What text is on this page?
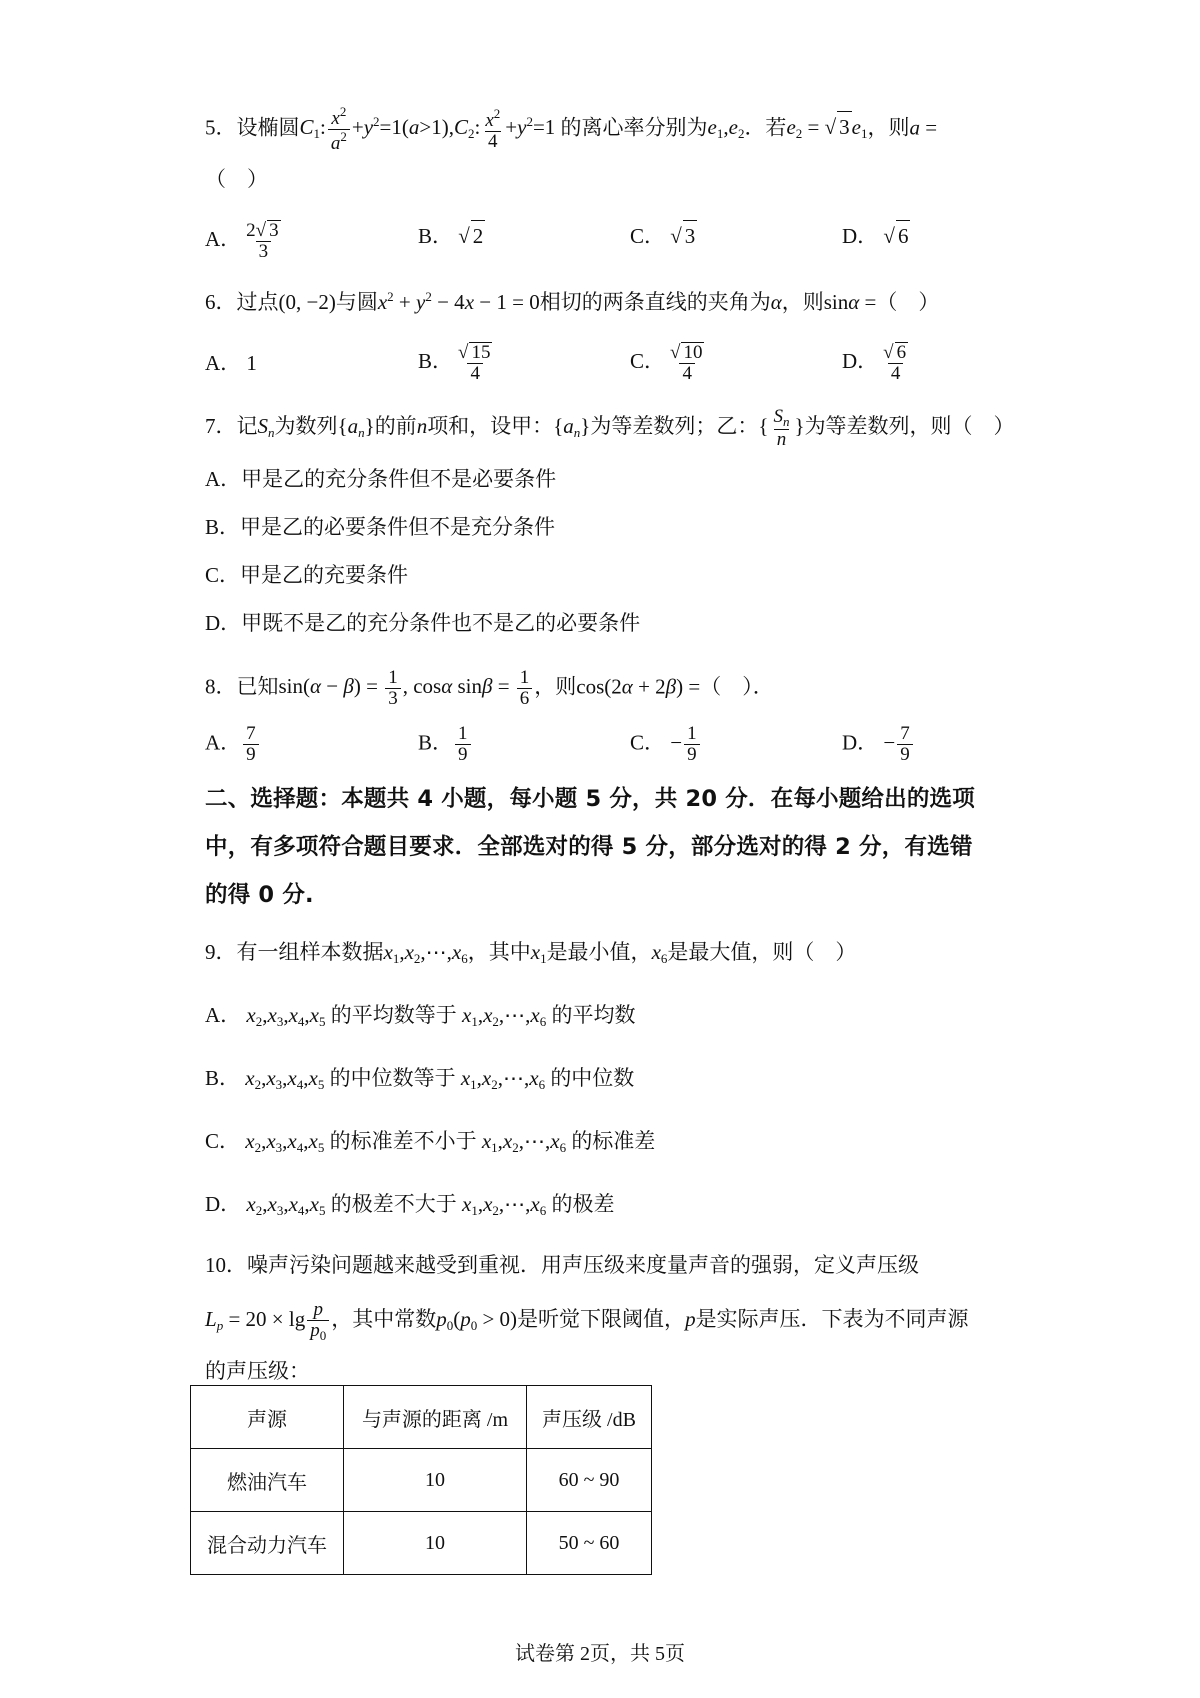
5．设椭圆$C_1$: $\frac{x^2}{a^2} +y^2=1(a>1),C_2$: $\frac{x^2}{4} +y^2=1$ 的离心率分别为$e_1,e_2$．若$e_2$ = √ $3e_1$，则a =
（　）
A． $\frac{2√ 3}{3}$	B． √ 2	C． √ 3	D． √ 6
6．过点(0, −2)与圆$x^2 + y^2 - 4x - 1 = 0$相切的两条直线的夹角为α，则sinα =（　）
A． 1	B． $\frac{√ 15}{4}$	C． $\frac{√ 10}{4}$	D． $\frac{√ 6}{4}$
7．记$S_n$为数列$\{a_n\}$的前n项和，设甲：$\{a_n\}$为等差数列；乙：{ $\frac{S_n}{n}$ }为等差数列，则（　）
A．甲是乙的充分条件但不是必要条件
B．甲是乙的必要条件但不是充分条件
C．甲是乙的充要条件
D．甲既不是乙的充分条件也不是乙的必要条件
8．已知$\sin(\alpha - \beta) = \frac{1}{3}$ , cosα $\sin\beta = \frac{1}{6}$ ，则cos(2α + 2β) =（　）．
A． $\frac{7}{9}$	B． $\frac{1}{9}$	C． − $\frac{1}{9}$	D． − $\frac{7}{9}$
二、选择题：本题共 4 小题，每小题 5 分，共 20 分．在每小题给出的选项
中，有多项符合题目要求．全部选对的得 5 分，部分选对的得 2 分，有选错
的得 0 分.
9．有一组样本数据$x_1,x_2,\cdots,x_6$，其中$x_1$是最小值，$x_6$是最大值，则（　）
A． $x_2,x_3,x_4,x_5$ 的平均数等于 $x_1,x_2,\cdots,x_6$ 的平均数
B． $x_2,x_3,x_4,x_5$ 的中位数等于 $x_1,x_2,\cdots,x_6$ 的中位数
C． $x_2,x_3,x_4,x_5$ 的标准差不小于 $x_1,x_2,\cdots,x_6$ 的标准差
D． $x_2,x_3,x_4,x_5$ 的极差不大于 $x_1,x_2,\cdots,x_6$ 的极差
10．噪声污染问题越来越受到重视．用声压级来度量声音的强弱，定义声压级
$L_p = 20 \times \lg \frac{p}{p_0}$ ，其中常数$p_0(p_0 > 0)$是听觉下限阈值，p是实际声压．下表为不同声源
的声压级：
声源	与声源的距离 /m	声压级 /dB
燃油汽车	10	60 ~ 90
混合动力汽车	10	50 ~ 60
试卷第 2页，共 5页
